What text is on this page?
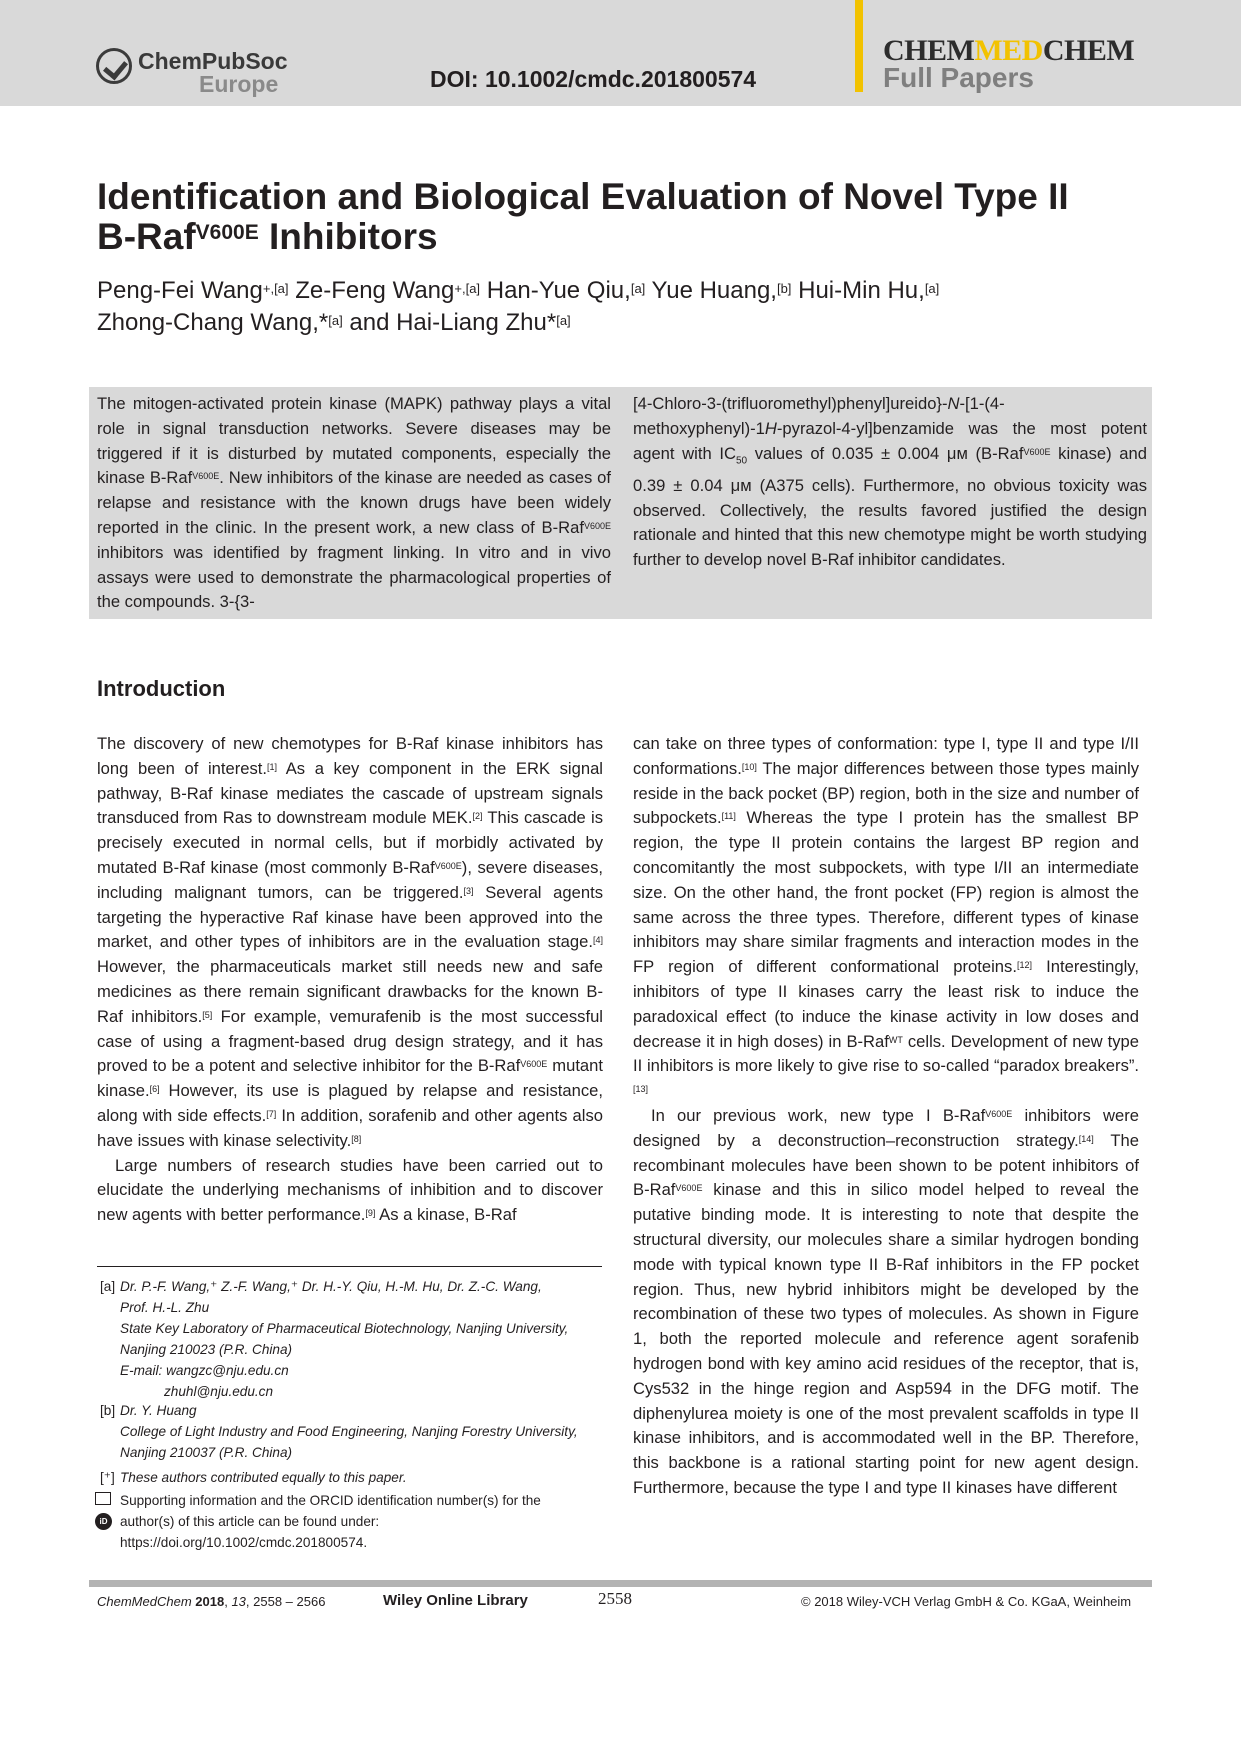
ChemPubSoc
Europe	DOI: 10.1002/cmdc.201800574
CHEMMEDCHEM
Full Papers
Identification and Biological Evaluation of Novel Type II
B-Raf$^{V600E}$ Inhibitors
Peng-Fei Wang$^{+,[a]}$ Ze-Feng Wang$^{+,[a]}$ Han-Yue Qiu,[a] Yue Huang,[b] Hui-Min Hu,[a]
Zhong-Chang Wang,*[a] and Hai-Liang Zhu*[a]
The mitogen-activated protein kinase (MAPK) pathway plays a vital role in signal transduction networks. Severe diseases may be triggered if it is disturbed by mutated components, especially the kinase B-Raf$^{V600E}$. New inhibitors of the kinase are needed as cases of relapse and resistance with the known drugs have been widely reported in the clinic. In the present work, a new class of B-Raf$^{V600E}$ inhibitors was identified by fragment linking. In vitro and in vivo assays were used to demonstrate the pharmacological properties of the compounds. 3-{3-
[4-Chloro-3-(trifluoromethyl)phenyl]ureido}-N-[1-(4-methoxyphenyl)-1H-pyrazol-4-yl]benzamide was the most potent agent with $IC_{50}$ values of 0.035 ± 0.004 μм (B-Raf$^{V600E}$ kinase) and 0.39 ± 0.04 μм (A375 cells). Furthermore, no obvious toxicity was observed. Collectively, the results favored justified the design rationale and hinted that this new chemotype might be worth studying further to develop novel B-Raf inhibitor candidates.
Introduction

The discovery of new chemotypes for B-Raf kinase inhibitors has long been of interest.[1] As a key component in the ERK signal pathway, B-Raf kinase mediates the cascade of upstream signals transduced from Ras to downstream module MEK.[2] This cascade is precisely executed in normal cells, but if morbidly activated by mutated B-Raf kinase (most commonly B-Raf$^{V600E}$), severe diseases, including malignant tumors, can be triggered.[3] Several agents targeting the hyperactive Raf kinase have been approved into the market, and other types of inhibitors are in the evaluation stage.[4] However, the pharmaceuticals market still needs new and safe medicines as there remain significant drawbacks for the known B-Raf inhibitors.[5] For example, vemurafenib is the most successful case of using a fragment-based drug design strategy, and it has proved to be a potent and selective inhibitor for the B-Raf$^{V600E}$ mutant kinase.[6] However, its use is plagued by relapse and resistance, along with side effects.[7] In addition, sorafenib and other agents also have issues with kinase selectivity.[8]

Large numbers of research studies have been carried out to elucidate the underlying mechanisms of inhibition and to discover new agents with better performance.[9] As a kinase, B-Raf

can take on three types of conformation: type I, type II and type I/II conformations.[10] The major differences between those types mainly reside in the back pocket (BP) region, both in the size and number of subpockets.[11] Whereas the type I protein has the smallest BP region, the type II protein contains the largest BP region and concomitantly the most subpockets, with type I/II an intermediate size. On the other hand, the front pocket (FP) region is almost the same across the three types. Therefore, different types of kinase inhibitors may share similar fragments and interaction modes in the FP region of different conformational proteins.[12] Interestingly, inhibitors of type II kinases carry the least risk to induce the paradoxical effect (to induce the kinase activity in low doses and decrease it in high doses) in B-Raf$^{WT}$ cells. Development of new type II inhibitors is more likely to give rise to so-called “paradox breakers”.[13]

In our previous work, new type I B-Raf$^{V600E}$ inhibitors were designed by a deconstruction–reconstruction strategy.[14] The recombinant molecules have been shown to be potent inhibitors of B-Raf$^{V600E}$ kinase and this in silico model helped to reveal the putative binding mode. It is interesting to note that despite the structural diversity, our molecules share a similar hydrogen bonding mode with typical known type II B-Raf inhibitors in the FP pocket region. Thus, new hybrid inhibitors might be developed by the recombination of these two types of molecules. As shown in Figure 1, both the reported molecule and reference agent sorafenib hydrogen bond with key amino acid residues of the receptor, that is, Cys532 in the hinge region and Asp594 in the DFG motif. The diphenylurea moiety is one of the most prevalent scaffolds in type II kinase inhibitors, and is accommodated well in the BP. Therefore, this backbone is a rational starting point for new agent design. Furthermore, because the type I and type II kinases have different

[a] Dr. P.-F. Wang,⁺ Z.-F. Wang,⁺ Dr. H.-Y. Qiu, H.-M. Hu, Dr. Z.-C. Wang,
Prof. H.-L. Zhu
State Key Laboratory of Pharmaceutical Biotechnology, Nanjing University,
Nanjing 210023 (P.R. China)
E-mail: wangzc@nju.edu.cn
zhuhl@nju.edu.cn
[b] Dr. Y. Huang
College of Light Industry and Food Engineering, Nanjing Forestry University,
Nanjing 210037 (P.R. China)
[⁺] These authors contributed equally to this paper.
iD
Supporting information and the ORCID identification number(s) for the
author(s) of this article can be found under:
https://doi.org/10.1002/cmdc.201800574.
ChemMedChem 2018, 13, 2558 – 2566	Wiley Online Library	2558	© 2018 Wiley-VCH Verlag GmbH & Co. KGaA, Weinheim
